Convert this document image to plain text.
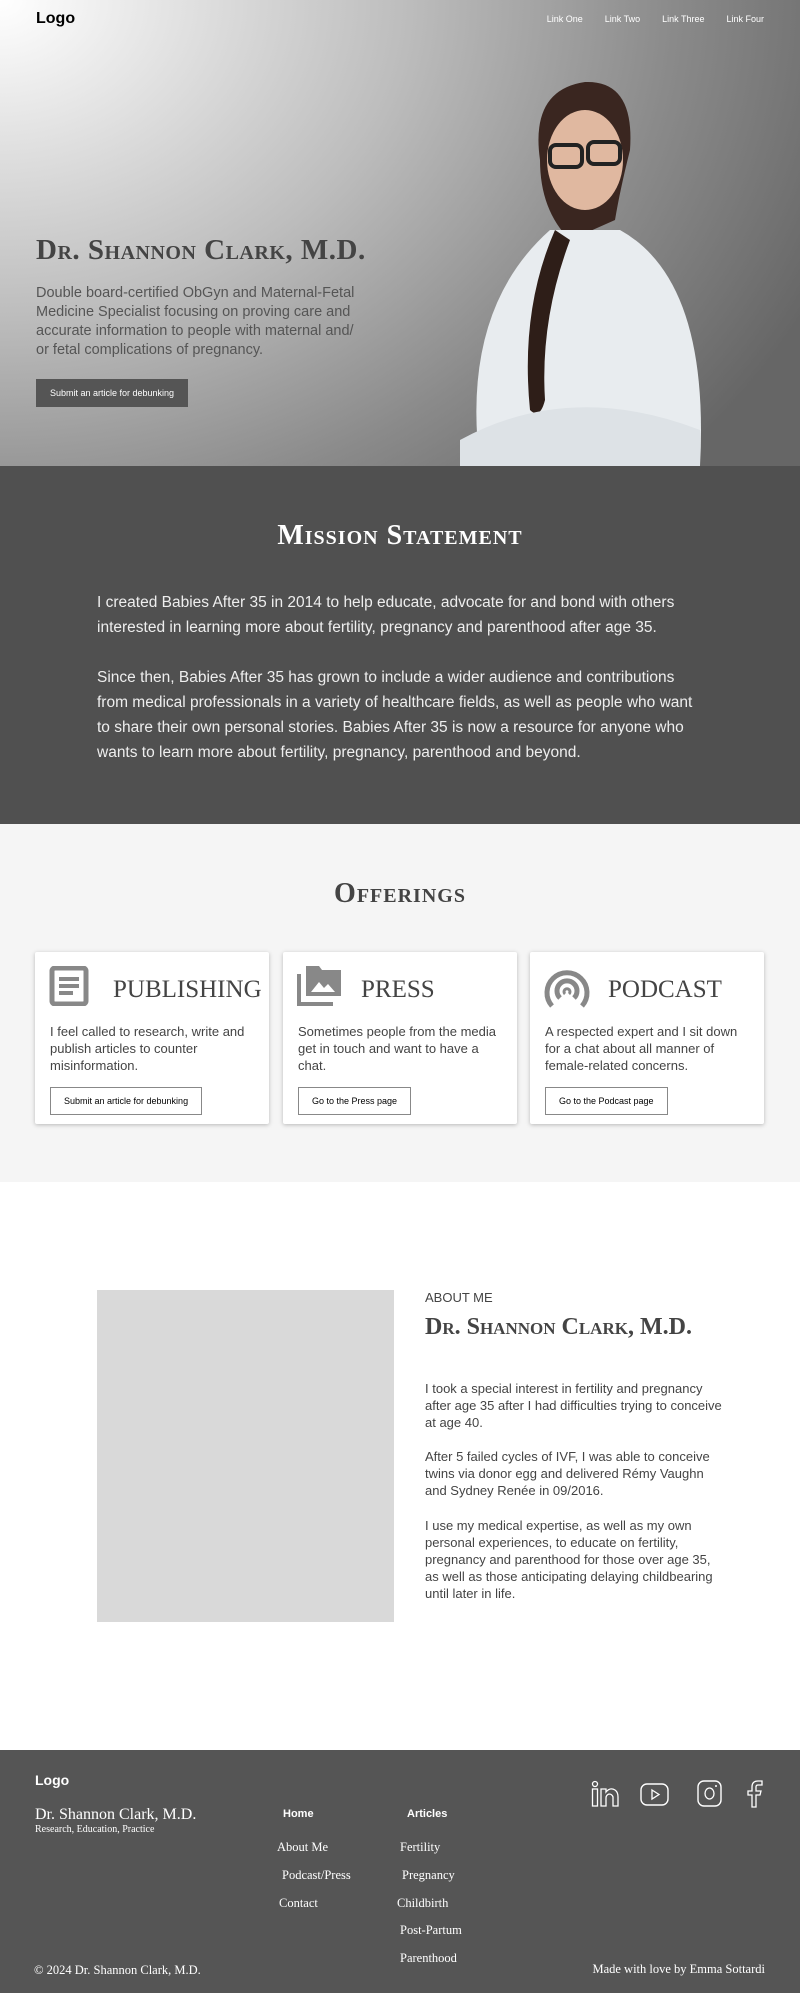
Logo	Link One Link Two Link Three Link Four
Dr. Shannon Clark, M.D.

Double board-certified ObGyn and Maternal-Fetal Medicine Specialist focusing on proving care and accurate information to people with maternal and/ or fetal complications of pregnancy.

Submit an article for debunking
Mission Statement

I created Babies After 35 in 2014 to help educate, advocate for and bond with others interested in learning more about fertility, pregnancy and parenthood after age 35.

Since then, Babies After 35 has grown to include a wider audience and contributions from medical professionals in a variety of healthcare fields, as well as people who want to share their own personal stories. Babies After 35 is now a resource for anyone who wants to learn more about fertility, pregnancy, parenthood and beyond.

Offerings
PUBLISHING

I feel called to research, write and publish articles to counter misinformation.

Submit an article for debunking
PRESS

Sometimes people from the media get in touch and want to have a chat.

Go to the Press page
PODCAST

A respected expert and I sit down for a chat about all manner of female-related concerns.

Go to the Podcast page
ABOUT ME
Dr. Shannon Clark, M.D.

I took a special interest in fertility and pregnancy after age 35 after I had difficulties trying to conceive at age 40.

After 5 failed cycles of IVF, I was able to conceive twins via donor egg and delivered Rémy Vaughn and Sydney Renée in 09/2016.

I use my medical expertise, as well as my own personal experiences, to educate on fertility, pregnancy and parenthood for those over age 35, as well as those anticipating delaying childbearing until later in life.

Logo
Dr. Shannon Clark, M.D.
Research, Education, Practice
Home
About Me
Podcast/Press
Contact
Articles
Fertility
Pregnancy
Childbirth
Post-Partum
Parenthood
© 2024 Dr. Shannon Clark, M.D.	Made with love by Emma Sottardi
